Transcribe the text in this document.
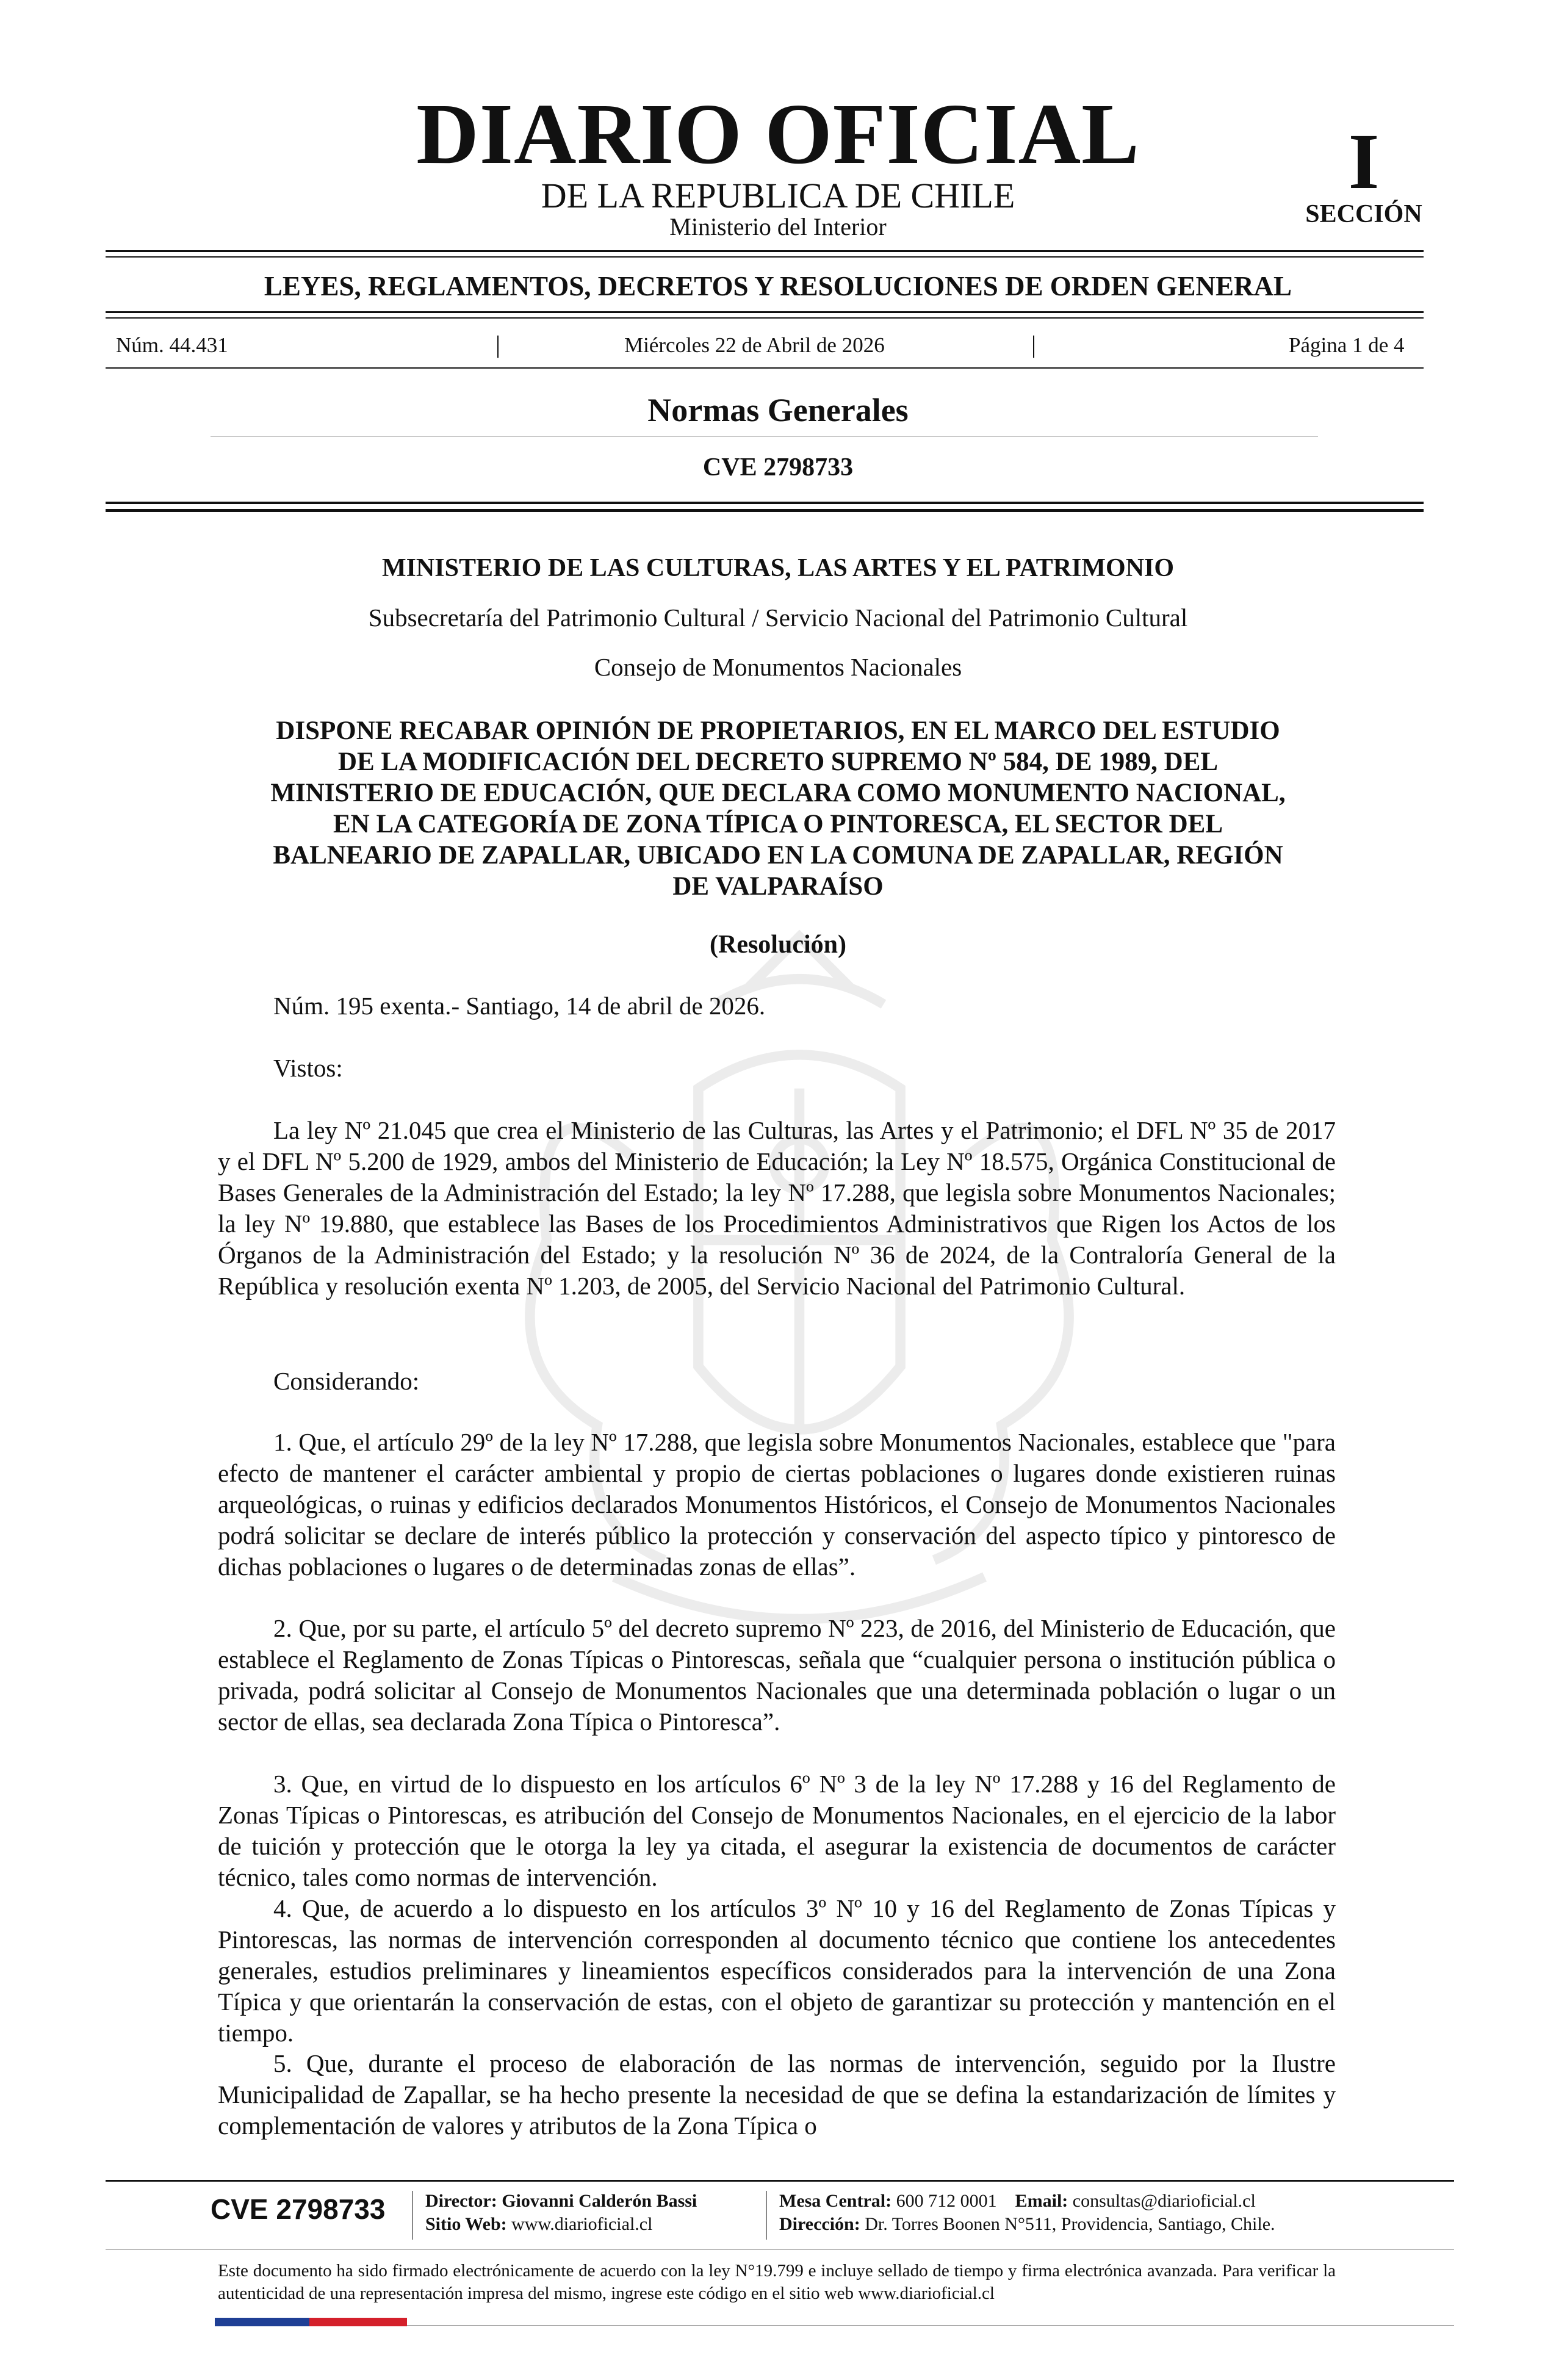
DIARIO OFICIAL
DE LA REPUBLICA DE CHILE
Ministerio del Interior
I
SECCIÓN
LEYES, REGLAMENTOS, DECRETOS Y RESOLUCIONES DE ORDEN GENERAL
Núm. 44.431	|	Miércoles 22 de Abril de 2026	|	Página 1 de 4
Normas Generales
CVE 2798733
MINISTERIO DE LAS CULTURAS, LAS ARTES Y EL PATRIMONIO
Subsecretaría del Patrimonio Cultural / Servicio Nacional del Patrimonio Cultural
Consejo de Monumentos Nacionales
DISPONE RECABAR OPINIÓN DE PROPIETARIOS, EN EL MARCO DEL ESTUDIO
DE LA MODIFICACIÓN DEL DECRETO SUPREMO Nº 584, DE 1989, DEL
MINISTERIO DE EDUCACIÓN, QUE DECLARA COMO MONUMENTO NACIONAL,
EN LA CATEGORÍA DE ZONA TÍPICA O PINTORESCA, EL SECTOR DEL
BALNEARIO DE ZAPALLAR, UBICADO EN LA COMUNA DE ZAPALLAR, REGIÓN
DE VALPARAÍSO
(Resolución)
Núm. 195 exenta.- Santiago, 14 de abril de 2026.
Vistos:
La ley Nº 21.045 que crea el Ministerio de las Culturas, las Artes y el Patrimonio; el DFL Nº 35 de 2017 y el DFL Nº 5.200 de 1929, ambos del Ministerio de Educación; la Ley Nº 18.575, Orgánica Constitucional de Bases Generales de la Administración del Estado; la ley Nº 17.288, que legisla sobre Monumentos Nacionales; la ley Nº 19.880, que establece las Bases de los Procedimientos Administrativos que Rigen los Actos de los Órganos de la Administración del Estado; y la resolución Nº 36 de 2024, de la Contraloría General de la República y resolución exenta Nº 1.203, de 2005, del Servicio Nacional del Patrimonio Cultural.
Considerando:
1. Que, el artículo 29º de la ley Nº 17.288, que legisla sobre Monumentos Nacionales, establece que "para efecto de mantener el carácter ambiental y propio de ciertas poblaciones o lugares donde existieren ruinas arqueológicas, o ruinas y edificios declarados Monumentos Históricos, el Consejo de Monumentos Nacionales podrá solicitar se declare de interés público la protección y conservación del aspecto típico y pintoresco de dichas poblaciones o lugares o de determinadas zonas de ellas”.
2. Que, por su parte, el artículo 5º del decreto supremo Nº 223, de 2016, del Ministerio de Educación, que establece el Reglamento de Zonas Típicas o Pintorescas, señala que “cualquier persona o institución pública o privada, podrá solicitar al Consejo de Monumentos Nacionales que una determinada población o lugar o un sector de ellas, sea declarada Zona Típica o Pintoresca”.
3. Que, en virtud de lo dispuesto en los artículos 6º Nº 3 de la ley Nº 17.288 y 16 del Reglamento de Zonas Típicas o Pintorescas, es atribución del Consejo de Monumentos Nacionales, en el ejercicio de la labor de tuición y protección que le otorga la ley ya citada, el asegurar la existencia de documentos de carácter técnico, tales como normas de intervención.
4. Que, de acuerdo a lo dispuesto en los artículos 3º Nº 10 y 16 del Reglamento de Zonas Típicas y Pintorescas, las normas de intervención corresponden al documento técnico que contiene los antecedentes generales, estudios preliminares y lineamientos específicos considerados para la intervención de una Zona Típica y que orientarán la conservación de estas, con el objeto de garantizar su protección y mantención en el tiempo.
5. Que, durante el proceso de elaboración de las normas de intervención, seguido por la Ilustre Municipalidad de Zapallar, se ha hecho presente la necesidad de que se defina la estandarización de límites y complementación de valores y atributos de la Zona Típica o
CVE 2798733 Director: Giovanni Calderón Bassi
Sitio Web: www.diarioficial.cl
Mesa Central: 600 712 0001 Email: consultas@diarioficial.cl
Dirección: Dr. Torres Boonen N°511, Providencia, Santiago, Chile.
Este documento ha sido firmado electrónicamente de acuerdo con la ley N°19.799 e incluye sellado de tiempo y firma electrónica avanzada. Para verificar la autenticidad de una representación impresa del mismo, ingrese este código en el sitio web www.diarioficial.cl
